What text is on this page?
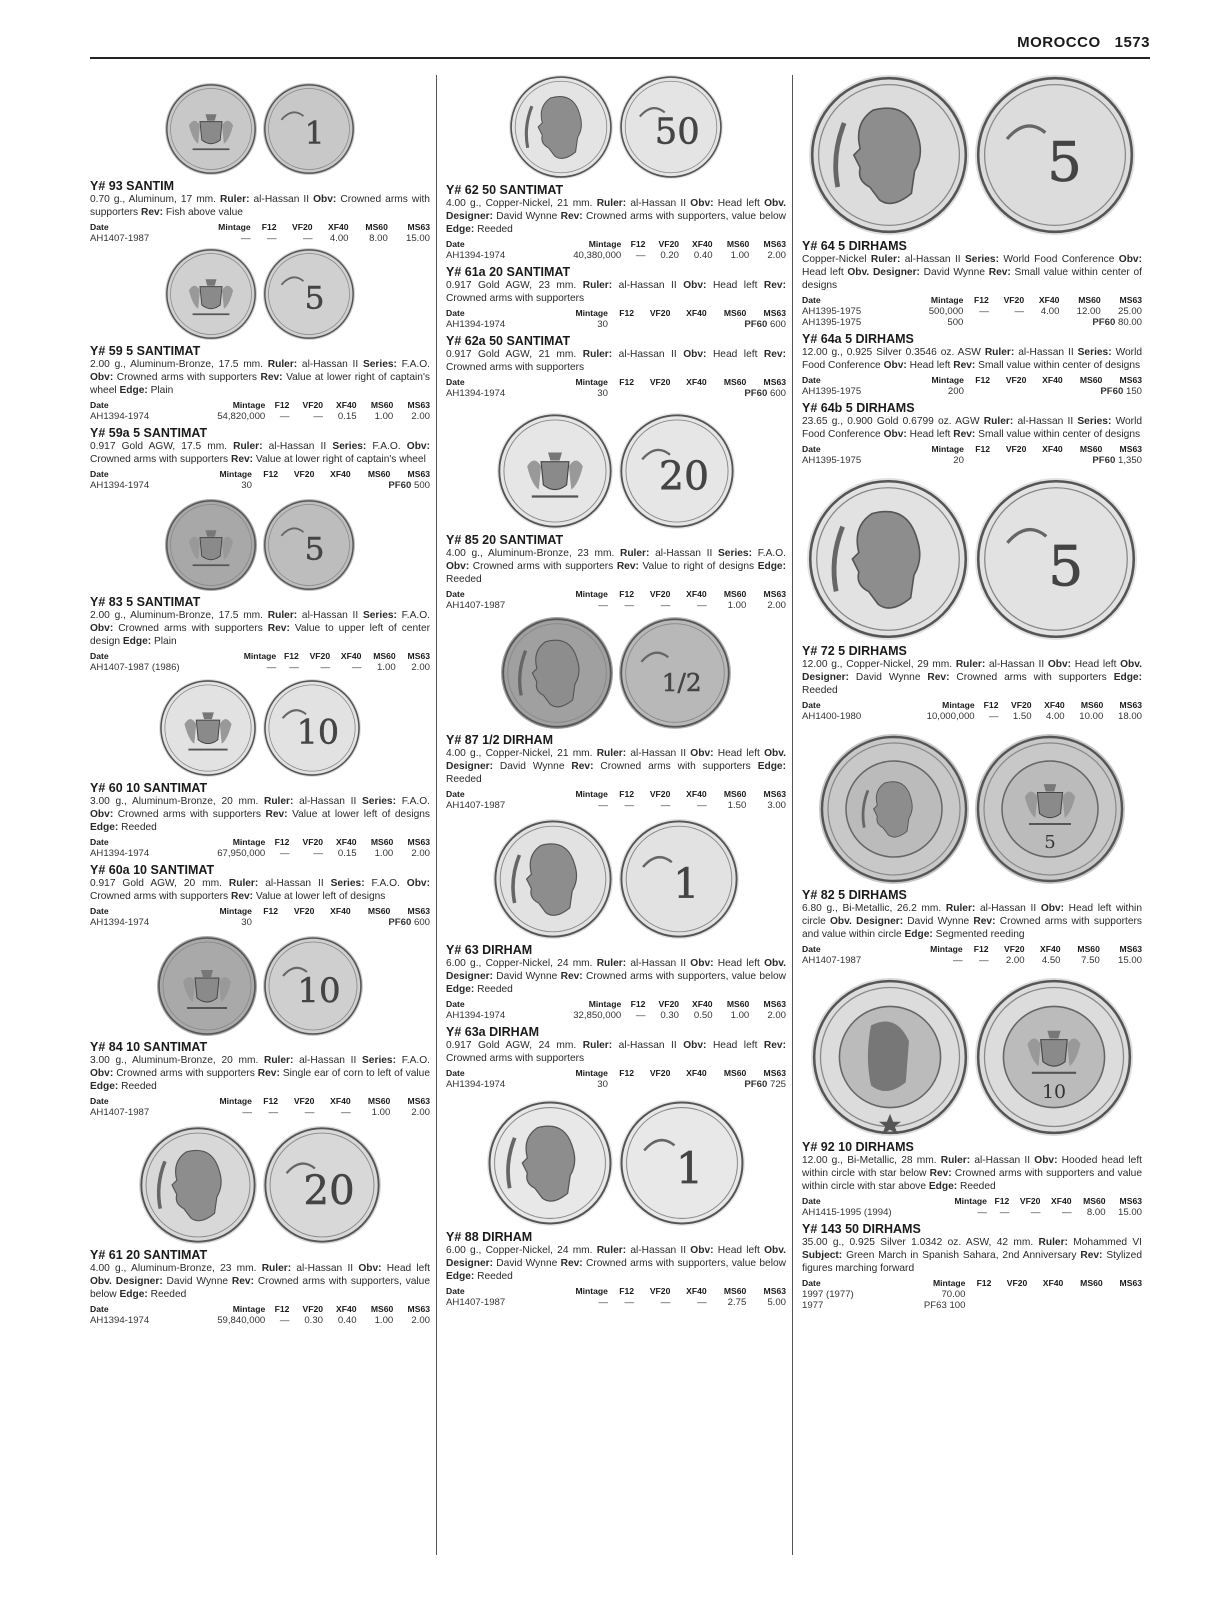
MOROCCO 1573
1
Y# 93 SANTIM
0.70 g., Aluminum, 17 mm. Ruler: al-Hassan II Obv: Crowned arms with supporters Rev: Fish above value
Date	Mintage	F12	VF20	XF40	MS60	MS63
AH1407-1987	—	—	—	4.00	8.00	15.00
5
Y# 59 5 SANTIMAT
2.00 g., Aluminum-Bronze, 17.5 mm. Ruler: al-Hassan II Series: F.A.O. Obv: Crowned arms with supporters Rev: Value at lower right of captain's wheel Edge: Plain
Date	Mintage	F12	VF20	XF40	MS60	MS63
AH1394-1974	54,820,000	—	—	0.15	1.00	2.00
Y# 59a 5 SANTIMAT
0.917 Gold AGW, 17.5 mm. Ruler: al-Hassan II Series: F.A.O. Obv: Crowned arms with supporters Rev: Value at lower right of captain's wheel
Date	Mintage	F12	VF20	XF40	MS60	MS63
AH1394-1974	30	PF60 500				
5
Y# 83 5 SANTIMAT
2.00 g., Aluminum-Bronze, 17.5 mm. Ruler: al-Hassan II Series: F.A.O. Obv: Crowned arms with supporters Rev: Value to upper left of center design Edge: Plain
Date	Mintage	F12	VF20	XF40	MS60	MS63
AH1407-1987 (1986)	—	—	—	—	1.00	2.00
10
Y# 60 10 SANTIMAT
3.00 g., Aluminum-Bronze, 20 mm. Ruler: al-Hassan II Series: F.A.O. Obv: Crowned arms with supporters Rev: Value at lower left of designs Edge: Reeded
Date	Mintage	F12	VF20	XF40	MS60	MS63
AH1394-1974	67,950,000	—	—	0.15	1.00	2.00
Y# 60a 10 SANTIMAT
0.917 Gold AGW, 20 mm. Ruler: al-Hassan II Series: F.A.O. Obv: Crowned arms with supporters Rev: Value at lower left of designs
Date	Mintage	F12	VF20	XF40	MS60	MS63
AH1394-1974	30	PF60 600				
10
Y# 84 10 SANTIMAT
3.00 g., Aluminum-Bronze, 20 mm. Ruler: al-Hassan II Series: F.A.O. Obv: Crowned arms with supporters Rev: Single ear of corn to left of value Edge: Reeded
Date	Mintage	F12	VF20	XF40	MS60	MS63
AH1407-1987	—	—	—	—	1.00	2.00
20
Y# 61 20 SANTIMAT
4.00 g., Aluminum-Bronze, 23 mm. Ruler: al-Hassan II Obv: Head left Obv. Designer: David Wynne Rev: Crowned arms with supporters, value below Edge: Reeded
Date	Mintage	F12	VF20	XF40	MS60	MS63
AH1394-1974	59,840,000	—	0.30	0.40	1.00	2.00
50
Y# 62 50 SANTIMAT
4.00 g., Copper-Nickel, 21 mm. Ruler: al-Hassan II Obv: Head left Obv. Designer: David Wynne Rev: Crowned arms with supporters, value below Edge: Reeded
Date	Mintage	F12	VF20	XF40	MS60	MS63
AH1394-1974	40,380,000	—	0.20	0.40	1.00	2.00
Y# 61a 20 SANTIMAT
0.917 Gold AGW, 23 mm. Ruler: al-Hassan II Obv: Head left Rev: Crowned arms with supporters
Date	Mintage	F12	VF20	XF40	MS60	MS63
AH1394-1974	30	PF60 600				
Y# 62a 50 SANTIMAT
0.917 Gold AGW, 21 mm. Ruler: al-Hassan II Obv: Head left Rev: Crowned arms with supporters
Date	Mintage	F12	VF20	XF40	MS60	MS63
AH1394-1974	30	PF60 600				
20
Y# 85 20 SANTIMAT
4.00 g., Aluminum-Bronze, 23 mm. Ruler: al-Hassan II Series: F.A.O. Obv: Crowned arms with supporters Rev: Value to right of designs Edge: Reeded
Date	Mintage	F12	VF20	XF40	MS60	MS63
AH1407-1987	—	—	—	—	1.00	2.00
1/2
Y# 87 1/2 DIRHAM
4.00 g., Copper-Nickel, 21 mm. Ruler: al-Hassan II Obv: Head left Obv. Designer: David Wynne Rev: Crowned arms with supporters Edge: Reeded
Date	Mintage	F12	VF20	XF40	MS60	MS63
AH1407-1987	—	—	—	—	1.50	3.00
1
Y# 63 DIRHAM
6.00 g., Copper-Nickel, 24 mm. Ruler: al-Hassan II Obv: Head left Obv. Designer: David Wynne Rev: Crowned arms with supporters, value below Edge: Reeded
Date	Mintage	F12	VF20	XF40	MS60	MS63
AH1394-1974	32,850,000	—	0.30	0.50	1.00	2.00
Y# 63a DIRHAM
0.917 Gold AGW, 24 mm. Ruler: al-Hassan II Obv: Head left Rev: Crowned arms with supporters
Date	Mintage	F12	VF20	XF40	MS60	MS63
AH1394-1974	30	PF60 725				
1
Y# 88 DIRHAM
6.00 g., Copper-Nickel, 24 mm. Ruler: al-Hassan II Obv: Head left Obv. Designer: David Wynne Rev: Crowned arms with supporters, value below Edge: Reeded
Date	Mintage	F12	VF20	XF40	MS60	MS63
AH1407-1987	—	—	—	—	2.75	5.00
5
Y# 64 5 DIRHAMS
Copper-Nickel Ruler: al-Hassan II Series: World Food Conference Obv: Head left Obv. Designer: David Wynne Rev: Small value within center of designs
Date	Mintage	F12	VF20	XF40	MS60	MS63
AH1395-1975	500,000	—	—	4.00	12.00	25.00
AH1395-1975	500	PF60 80.00				
Y# 64a 5 DIRHAMS
12.00 g., 0.925 Silver 0.3546 oz. ASW Ruler: al-Hassan II Series: World Food Conference Obv: Head left Rev: Small value within center of designs
Date	Mintage	F12	VF20	XF40	MS60	MS63
AH1395-1975	200	PF60 150				
Y# 64b 5 DIRHAMS
23.65 g., 0.900 Gold 0.6799 oz. AGW Ruler: al-Hassan II Series: World Food Conference Obv: Head left Rev: Small value within center of designs
Date	Mintage	F12	VF20	XF40	MS60	MS63
AH1395-1975	20	PF60 1,350				
5
Y# 72 5 DIRHAMS
12.00 g., Copper-Nickel, 29 mm. Ruler: al-Hassan II Obv: Head left Obv. Designer: David Wynne Rev: Crowned arms with supporters Edge: Reeded
Date	Mintage	F12	VF20	XF40	MS60	MS63
AH1400-1980	10,000,000	—	1.50	4.00	10.00	18.00
5
Y# 82 5 DIRHAMS
6.80 g., Bi-Metallic, 26.2 mm. Ruler: al-Hassan II Obv: Head left within circle Obv. Designer: David Wynne Rev: Crowned arms with supporters and value within circle Edge: Segmented reeding
Date	Mintage	F12	VF20	XF40	MS60	MS63
AH1407-1987	—	—	2.00	4.50	7.50	15.00
10
Y# 92 10 DIRHAMS
12.00 g., Bi-Metallic, 28 mm. Ruler: al-Hassan II Obv: Hooded head left within circle with star below Rev: Crowned arms with supporters and value within circle with star above Edge: Reeded
Date	Mintage	F12	VF20	XF40	MS60	MS63
AH1415-1995 (1994)	—	—	—	—	8.00	15.00
Y# 143 50 DIRHAMS
35.00 g., 0.925 Silver 1.0342 oz. ASW, 42 mm. Ruler: Mohammed VI Subject: Green March in Spanish Sahara, 2nd Anniversary Rev: Stylized figures marching forward
Date	Mintage	F12	VF20	XF40	MS60	MS63
1997 (1977)	70.00					
1977	PF63 100					
